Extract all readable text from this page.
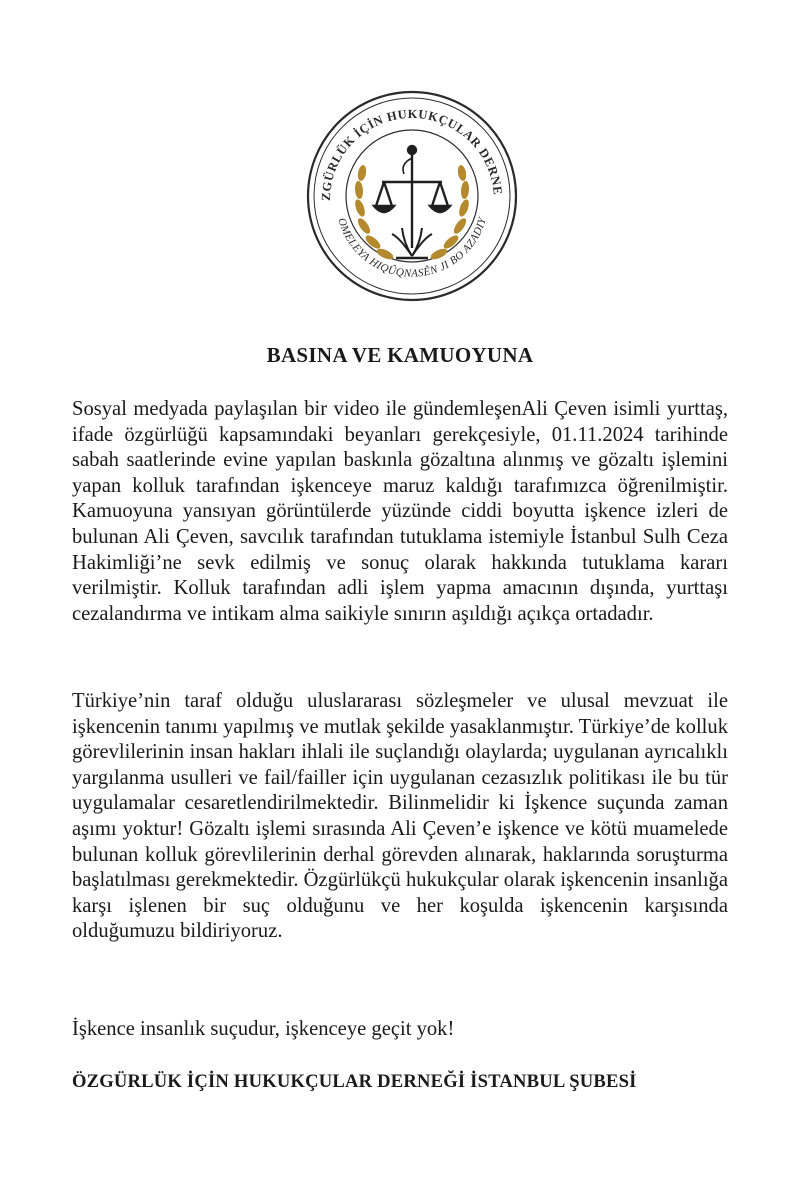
ZGÜRLÜK İÇİN HUKUKÇULAR DERNE
OMELEYA HIQÛQNASÊN JI BO AZADIY
BASINA VE KAMUOYUNA

Sosyal medyada paylaşılan bir video ile gündemleşenAli Çeven isimli yurttaş, ifade özgürlüğü kapsamındaki beyanları gerekçesiyle, 01.11.2024 tarihinde sabah saatlerinde evine yapılan baskınla gözaltına alınmış ve gözaltı işlemini yapan kolluk tarafından işkenceye maruz kaldığı tarafımızca öğrenilmiştir. Kamuoyuna yansıyan görüntülerde yüzünde ciddi boyutta işkence izleri de bulunan Ali Çeven, savcılık tarafından tutuklama istemiyle İstanbul Sulh Ceza Hakimliği’ne sevk edilmiş ve sonuç olarak hakkında tutuklama kararı verilmiştir. Kolluk tarafından adli işlem yapma amacının dışında, yurttaşı cezalandırma ve intikam alma saikiyle sınırın aşıldığı açıkça ortadadır.

Türkiye’nin taraf olduğu uluslararası sözleşmeler ve ulusal mevzuat ile işkencenin tanımı yapılmış ve mutlak şekilde yasaklanmıştır. Türkiye’de kolluk görevlilerinin insan hakları ihlali ile suçlandığı olaylarda; uygulanan ayrıcalıklı yargılanma usulleri ve fail/failler için uygulanan cezasızlık politikası ile bu tür uygulamalar cesaretlendirilmektedir. Bilinmelidir ki İşkence suçunda zaman aşımı yoktur! Gözaltı işlemi sırasında Ali Çeven’e işkence ve kötü muamelede bulunan kolluk görevlilerinin derhal görevden alınarak, haklarında soruşturma başlatılması gerekmektedir. Özgürlükçü hukukçular olarak işkencenin insanlığa karşı işlenen bir suç olduğunu ve her koşulda işkencenin karşısında olduğumuzu bildiriyoruz.

İşkence insanlık suçudur, işkenceye geçit yok!

ÖZGÜRLÜK İÇİN HUKUKÇULAR DERNEĞİ İSTANBUL ŞUBESİ
